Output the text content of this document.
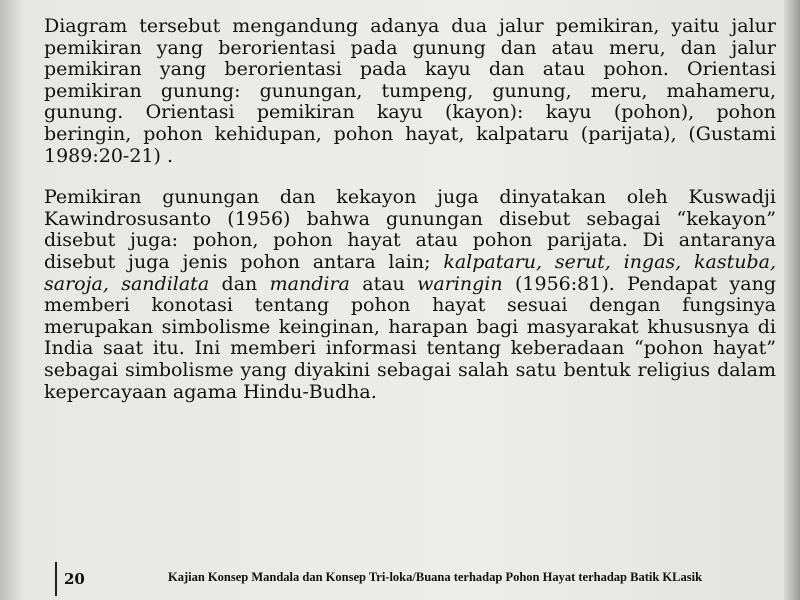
Diagram tersebut mengandung adanya dua jalur pemikiran, yaitu jalur
pemikiran yang berorientasi pada gunung dan atau meru, dan jalur
pemikiran yang berorientasi pada kayu dan atau pohon. Orientasi
pemikiran gunung: gunungan, tumpeng, gunung, meru, mahameru,
gunung. Orientasi pemikiran kayu (kayon): kayu (pohon), pohon
beringin, pohon kehidupan, pohon hayat, kalpataru (parijata), (Gustami
1989:20-21) .

Pemikiran gunungan dan kekayon juga dinyatakan oleh Kuswadji
Kawindrosusanto (1956) bahwa gunungan disebut sebagai “kekayon”
disebut juga: pohon, pohon hayat atau pohon parijata. Di antaranya
disebut juga jenis pohon antara lain; kalpataru, serut, ingas, kastuba,
saroja, sandilata dan mandira atau waringin (1956:81). Pendapat yang
memberi konotasi tentang pohon hayat sesuai dengan fungsinya
merupakan simbolisme keinginan, harapan bagi masyarakat khususnya di
India saat itu. Ini memberi informasi tentang keberadaan “pohon hayat”
sebagai simbolisme yang diyakini sebagai salah satu bentuk religius dalam
kepercayaan agama Hindu-Budha.

20	Kajian Konsep Mandala dan Konsep Tri-loka/Buana terhadap Pohon Hayat terhadap Batik KLasik
